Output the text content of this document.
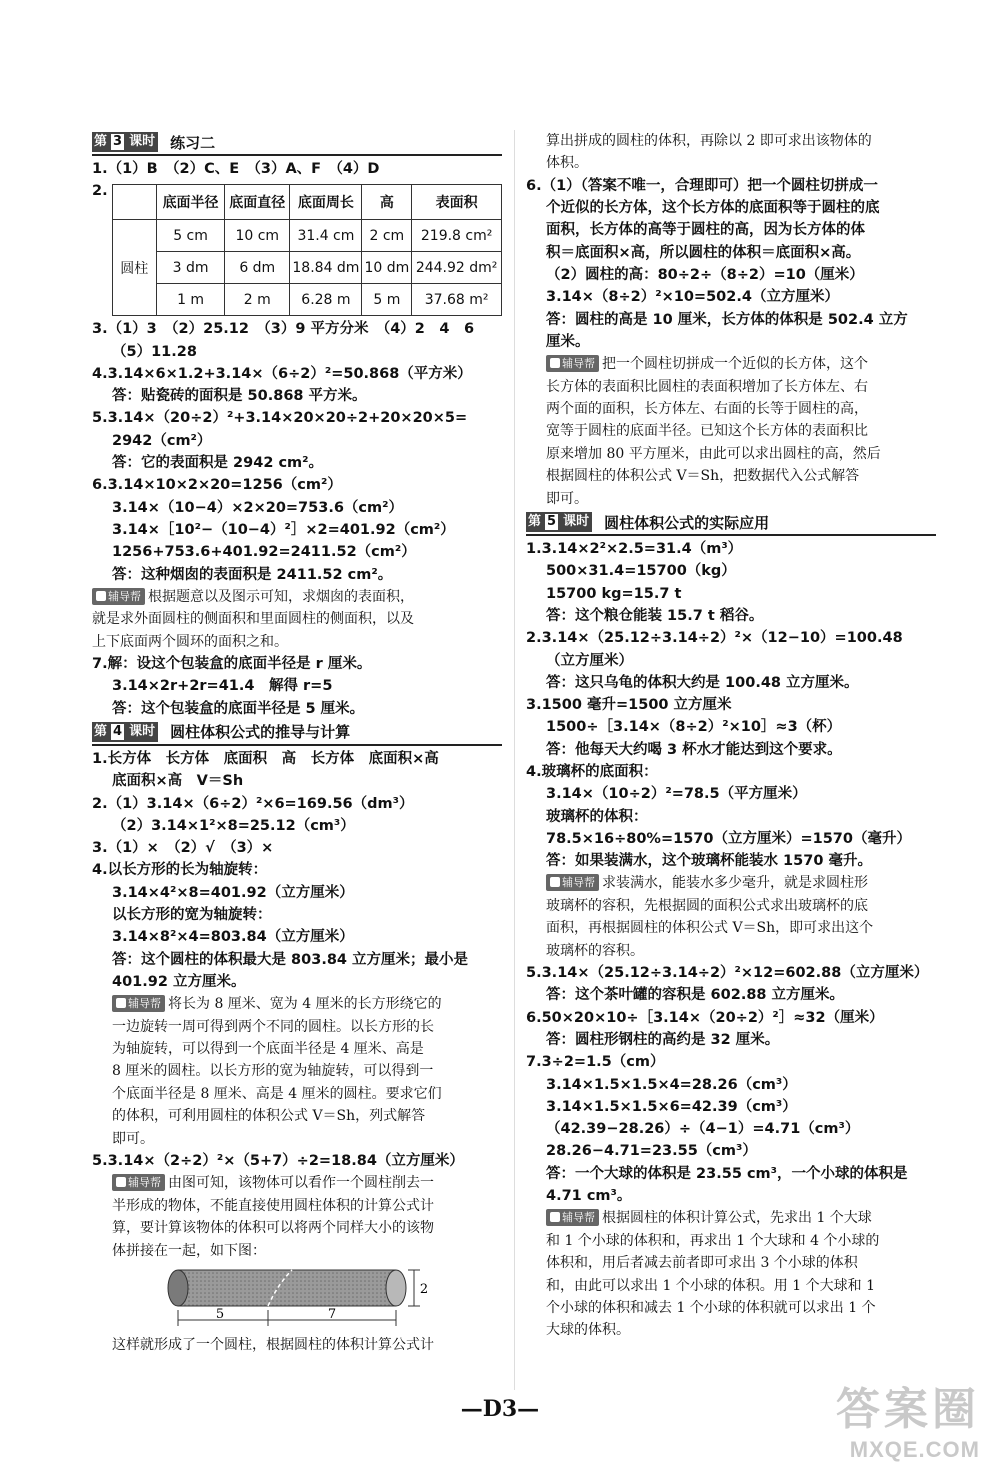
第 3 课时 练习二

1.（1）B　（2）C、E　（3）A、F　（4）D

2.
	底面半径	底面直径	底面周长	高	表面积
圆柱	5 cm	10 cm	31.4 cm	2 cm	219.8 cm²
	3 dm	6 dm	18.84 dm	10 dm	244.92 dm²
	1 m	2 m	6.28 m	5 m	37.68 m²

3.（1）3　（2）25.12　（3）9 平方分米　（4）2　4　6

（5）11.28

4.3.14×6×1.2+3.14×（6÷2）²=50.868（平方米）

答：贴瓷砖的面积是 50.868 平方米。

5.3.14×（20÷2）²+3.14×20×20÷2+20×20×5=

2942（cm²）

答：它的表面积是 2942 cm²。

6.3.14×10×2×20=1256（cm²）

3.14×（10−4）×2×20=753.6（cm²）

3.14×［10²−（10−4）²］×2=401.92（cm²）

1256+753.6+401.92=2411.52（cm²）

答：这种烟囱的表面积是 2411.52 cm²。

辅导帮 根据题意以及图示可知，求烟囱的表面积，
就是求外面圆柱的侧面积和里面圆柱的侧面积，以及
上下底面两个圆环的面积之和。

7.解：设这个包装盒的底面半径是 r 厘米。

3.14×2r+2r=41.4　解得 r=5

答：这个包装盒的底面半径是 5 厘米。

第 4 课时 圆柱体积公式的推导与计算

1.长方体　长方体　底面积　高　长方体　底面积×高

底面积×高　V＝Sh

2.（1）3.14×（6÷2）²×6=169.56（dm³）

（2）3.14×1²×8=25.12（cm³）

3.（1）×　（2）√　（3）×

4.以长方形的长为轴旋转：

3.14×4²×8=401.92（立方厘米）

以长方形的宽为轴旋转：

3.14×8²×4=803.84（立方厘米）

答：这个圆柱的体积最大是 803.84 立方厘米；最小是

401.92 立方厘米。

辅导帮 将长为 8 厘米、宽为 4 厘米的长方形绕它的
一边旋转一周可得到两个不同的圆柱。以长方形的长
为轴旋转，可以得到一个底面半径是 4 厘米、高是
8 厘米的圆柱。以长方形的宽为轴旋转，可以得到一
个底面半径是 8 厘米、高是 4 厘米的圆柱。要求它们
的体积，可利用圆柱的体积公式 V＝Sh，列式解答
即可。

5.3.14×（2÷2）²×（5+7）÷2=18.84（立方厘米）

辅导帮 由图可知，该物体可以看作一个圆柱削去一
半形成的物体，不能直接使用圆柱体积的计算公式计
算，要计算该物体的体积可以将两个同样大小的该物
体拼接在一起，如下图：
5	7
2
这样就形成了一个圆柱，根据圆柱的体积计算公式计
算出拼成的圆柱的体积，再除以 2 即可求出该物体的
体积。

6.（1）（答案不唯一，合理即可）把一个圆柱切拼成一

个近似的长方体，这个长方体的底面积等于圆柱的底

面积，长方体的高等于圆柱的高，因为长方体的体

积＝底面积×高，所以圆柱的体积＝底面积×高。

（2）圆柱的高：80÷2÷（8÷2）=10（厘米）

3.14×（8÷2）²×10=502.4（立方厘米）

答：圆柱的高是 10 厘米，长方体的体积是 502.4 立方

厘米。

辅导帮 把一个圆柱切拼成一个近似的长方体，这个
长方体的表面积比圆柱的表面积增加了长方体左、右
两个面的面积，长方体左、右面的长等于圆柱的高，
宽等于圆柱的底面半径。已知这个长方体的表面积比
原来增加 80 平方厘米，由此可以求出圆柱的高，然后
根据圆柱的体积公式 V＝Sh，把数据代入公式解答
即可。
第 5 课时 圆柱体积公式的实际应用

1.3.14×2²×2.5=31.4（m³）

500×31.4=15700（kg）

15700 kg=15.7 t

答：这个粮仓能装 15.7 t 稻谷。

2.3.14×（25.12÷3.14÷2）²×（12−10）=100.48

（立方厘米）

答：这只乌龟的体积大约是 100.48 立方厘米。

3.1500 毫升=1500 立方厘米

1500÷［3.14×（8÷2）²×10］≈3（杯）

答：他每天大约喝 3 杯水才能达到这个要求。

4.玻璃杯的底面积：

3.14×（10÷2）²=78.5（平方厘米）

玻璃杯的体积：

78.5×16÷80%=1570（立方厘米）=1570（毫升）

答：如果装满水，这个玻璃杯能装水 1570 毫升。

辅导帮 求装满水，能装水多少毫升，就是求圆柱形
玻璃杯的容积，先根据圆的面积公式求出玻璃杯的底
面积，再根据圆柱的体积公式 V＝Sh，即可求出这个
玻璃杯的容积。

5.3.14×（25.12÷3.14÷2）²×12=602.88（立方厘米）

答：这个茶叶罐的容积是 602.88 立方厘米。

6.50×20×10÷［3.14×（20÷2）²］≈32（厘米）

答：圆柱形钢柱的高约是 32 厘米。

7.3÷2=1.5（cm）

3.14×1.5×1.5×4=28.26（cm³）

3.14×1.5×1.5×6=42.39（cm³）

（42.39−28.26）÷（4−1）=4.71（cm³）

28.26−4.71=23.55（cm³）

答：一个大球的体积是 23.55 cm³，一个小球的体积是

4.71 cm³。

辅导帮 根据圆柱的体积计算公式，先求出 1 个大球
和 1 个小球的体积和，再求出 1 个大球和 4 个小球的
体积和，用后者减去前者即可求出 3 个小球的体积
和，由此可以求出 1 个小球的体积。用 1 个大球和 1
个小球的体积和减去 1 个小球的体积就可以求出 1 个
大球的体积。
—D3—	答案圈
MXQE.COM
